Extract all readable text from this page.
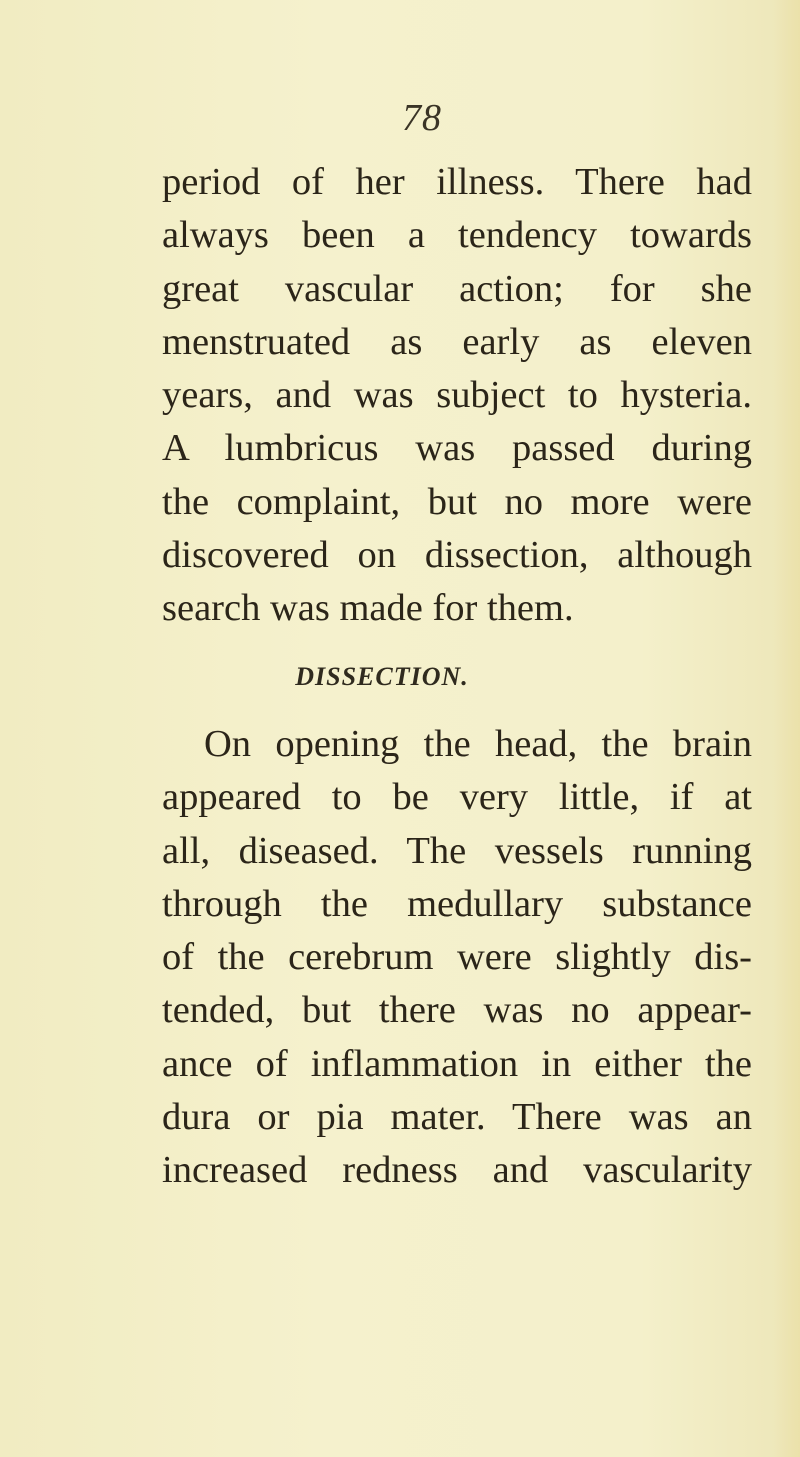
78
period of her illness. There had
always been a tendency towards
great vascular action; for she
menstruated as early as eleven
years, and was subject to hysteria.
A lumbricus was passed during
the complaint, but no more were
discovered on dissection, although
search was made for them.
DISSECTION.
On opening the head, the brain
appeared to be very little, if at
all, diseased. The vessels running
through the medullary substance
of the cerebrum were slightly dis-
tended, but there was no appear-
ance of inflammation in either the
dura or pia mater. There was an
increased redness and vascularity
